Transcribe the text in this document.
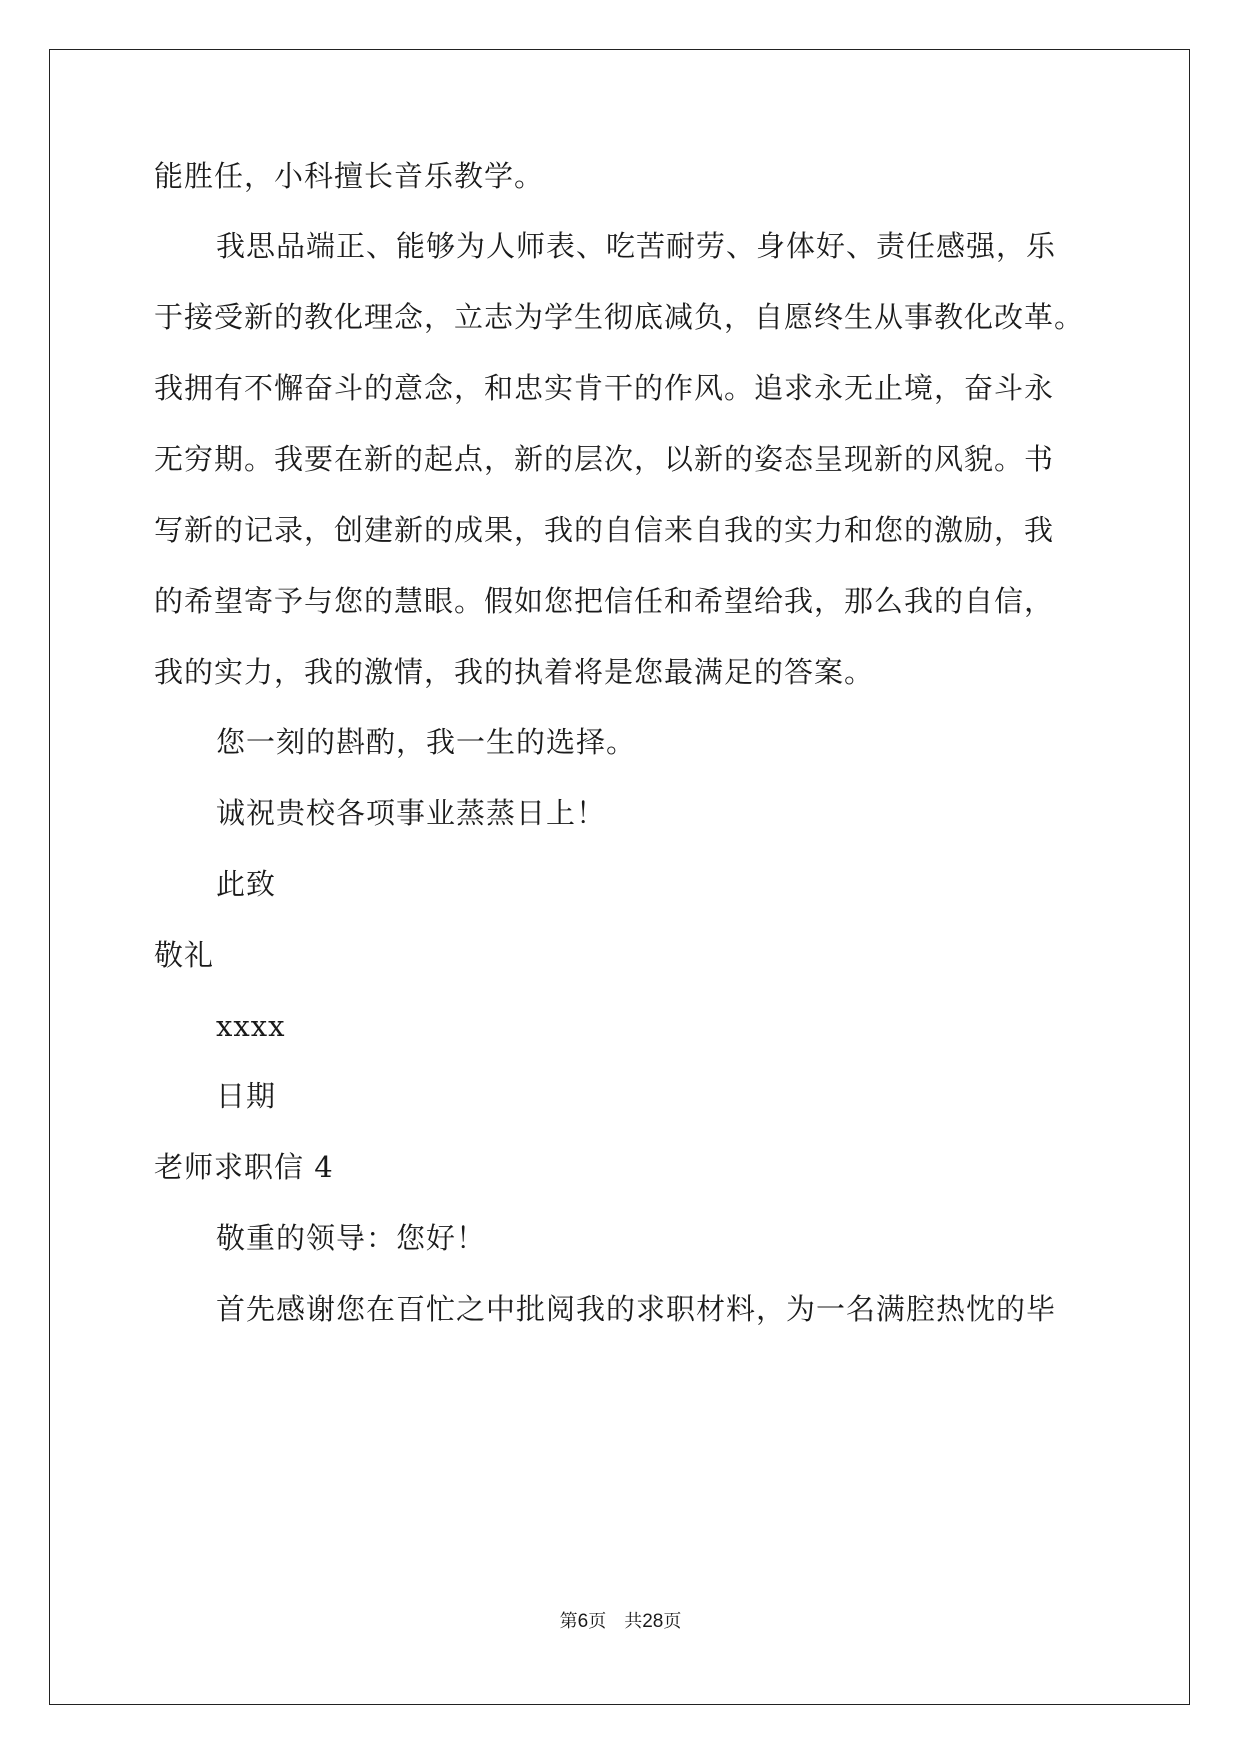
能胜任，小科擅长音乐教学。
我思品端正、能够为人师表、吃苦耐劳、身体好、责任感强，乐
于接受新的教化理念，立志为学生彻底减负，自愿终生从事教化改革。
我拥有不懈奋斗的意念，和忠实肯干的作风。追求永无止境，奋斗永
无穷期。我要在新的起点，新的层次，以新的姿态呈现新的风貌。书
写新的记录，创建新的成果，我的自信来自我的实力和您的激励，我
的希望寄予与您的慧眼。假如您把信任和希望给我，那么我的自信，
我的实力，我的激情，我的执着将是您最满足的答案。
您一刻的斟酌，我一生的选择。
诚祝贵校各项事业蒸蒸日上！
此致
敬礼
xxxx
日期
老师求职信 4
敬重的领导：您好！
首先感谢您在百忙之中批阅我的求职材料，为一名满腔热忱的毕
第6页　共28页
